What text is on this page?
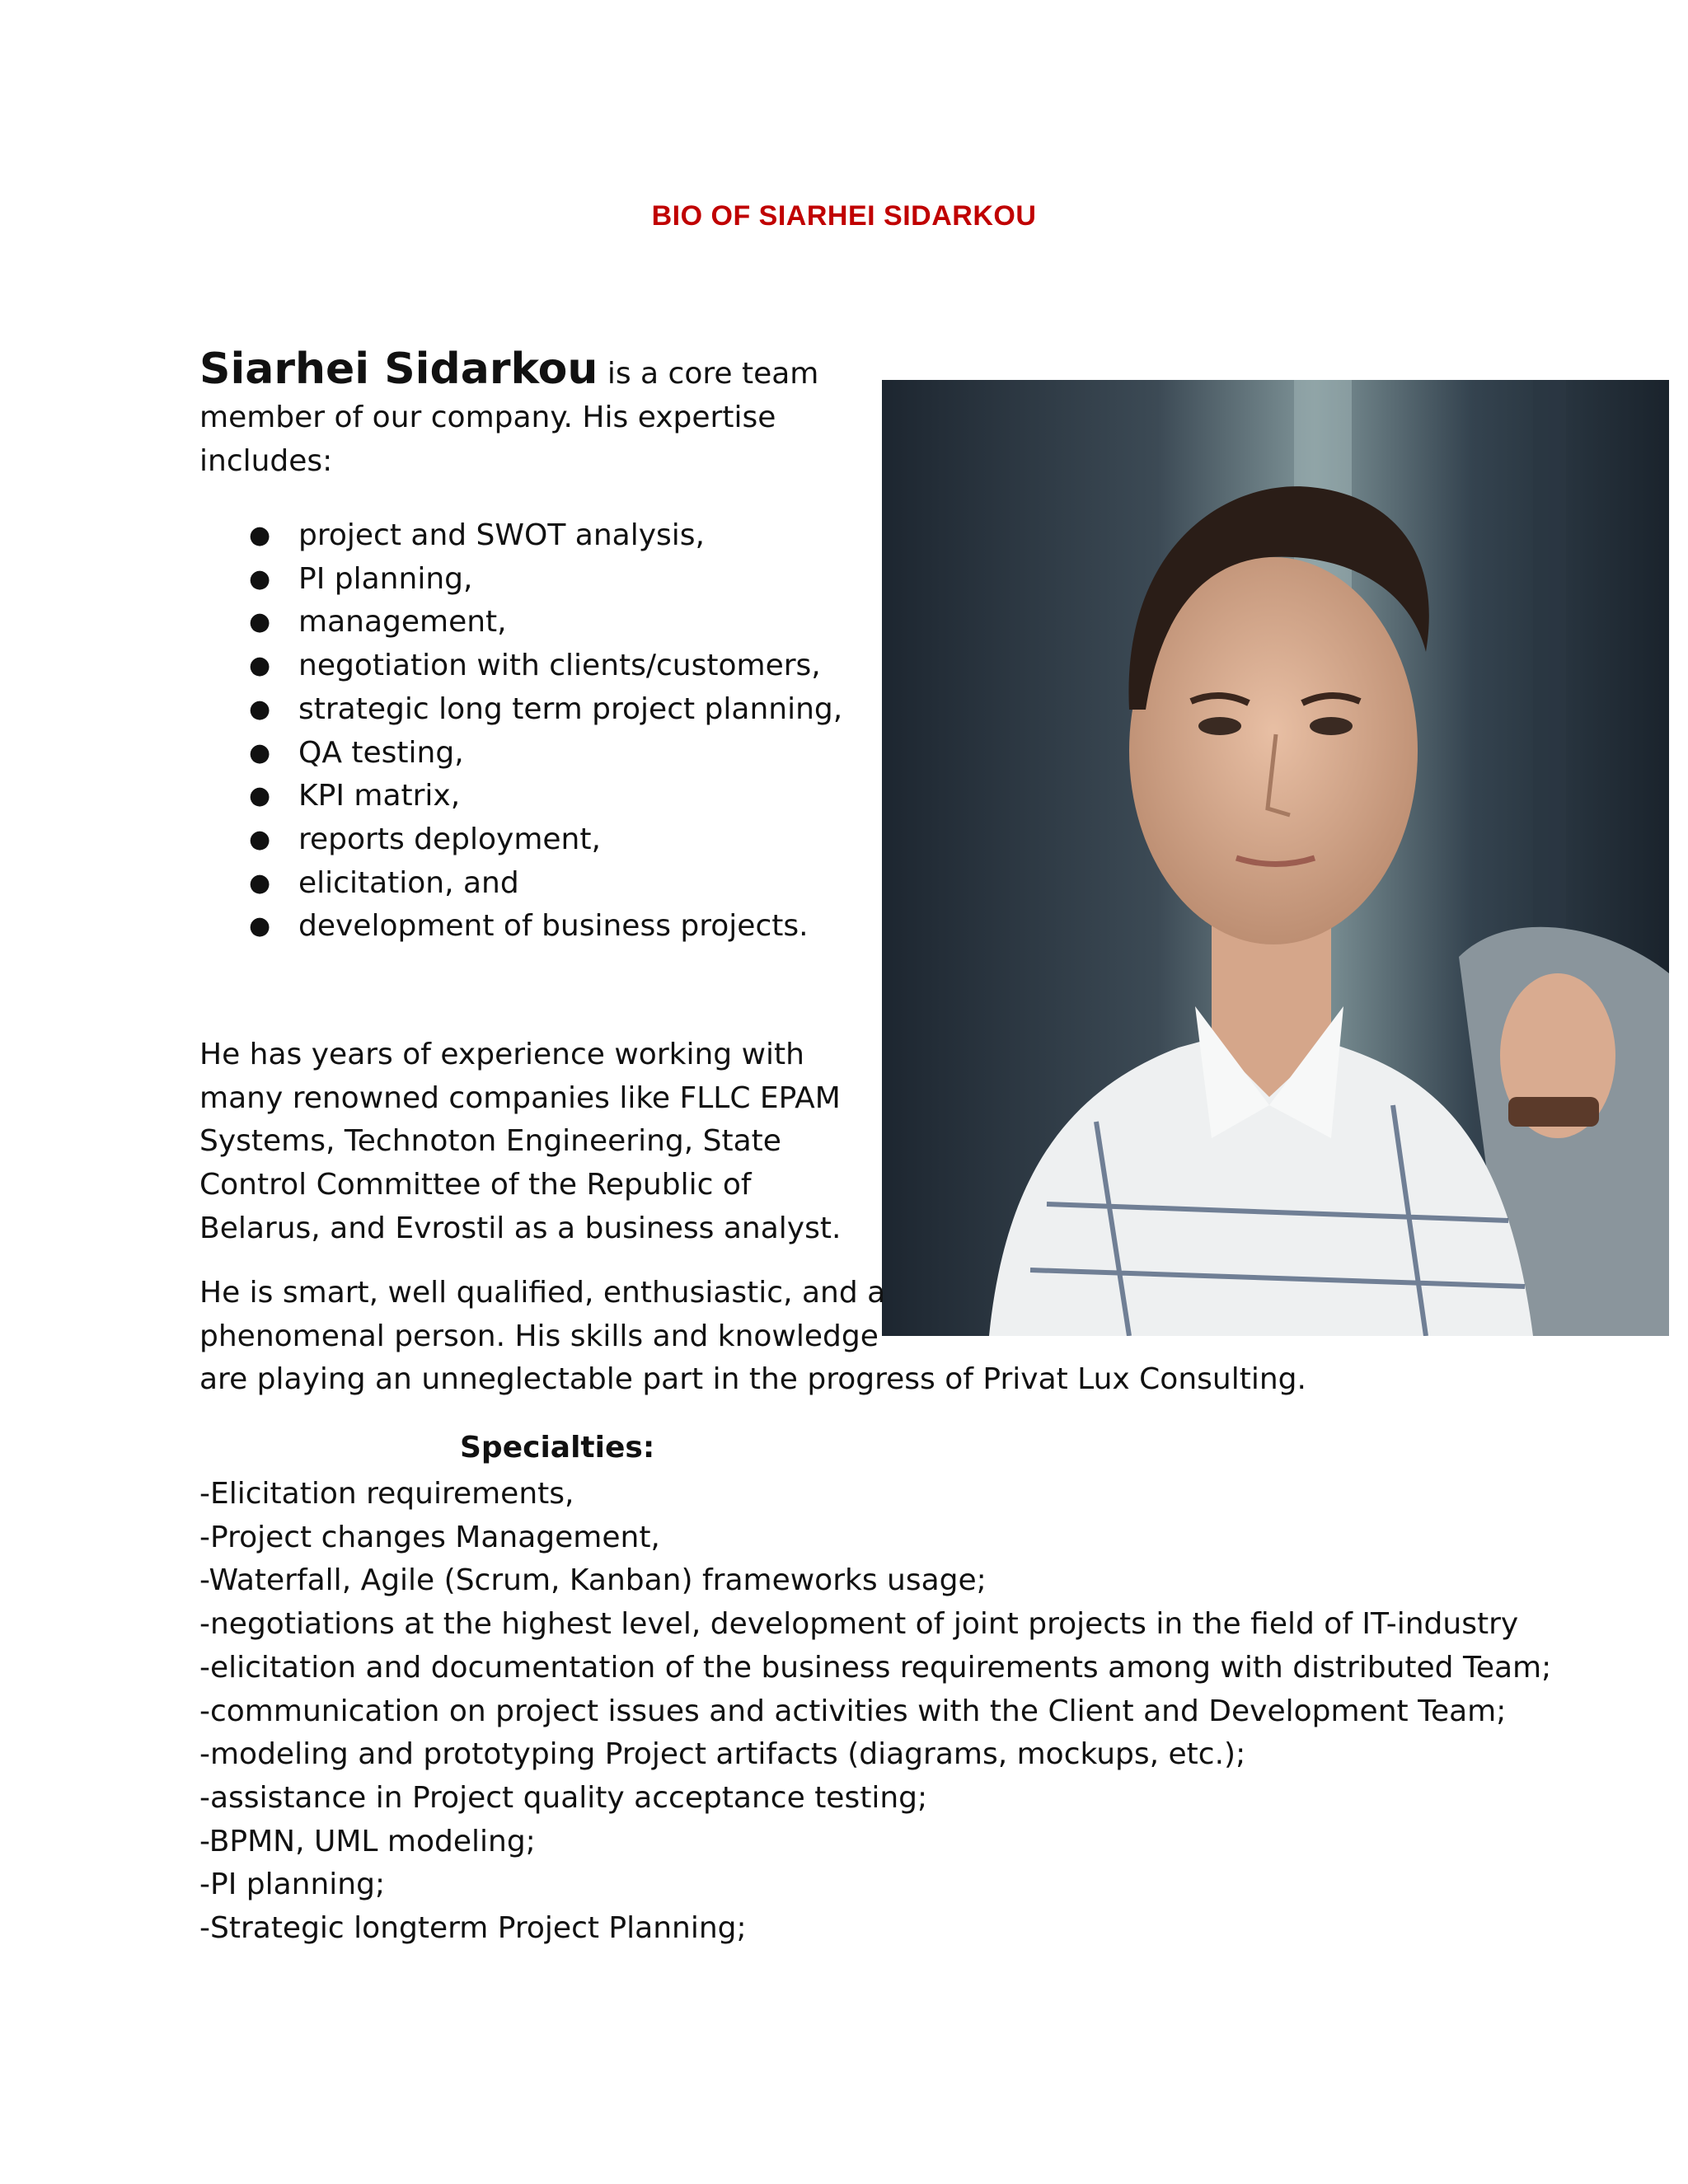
BIO OF SIARHEI SIDARKOU
Siarhei Sidarkou is a core team member of our company. His expertise includes:
● project and SWOT analysis,
● PI planning,
● management,
● negotiation with clients/customers,
● strategic long term project planning,
● QA testing,
● KPI matrix,
● reports deployment,
● elicitation, and
● development of business projects.
He has years of experience working with many renowned companies like FLLC EPAM Systems, Technoton Engineering, State Control Committee of the Republic of Belarus, and Evrostil as a business analyst.
He is smart, well qualified, enthusiastic, and a
phenomenal person. His skills and knowledge
are playing an unneglectable part in the progress of Privat Lux Consulting.
Specialties:
-Elicitation requirements,
-Project changes Management,
-Waterfall, Agile (Scrum, Kanban) frameworks usage;
-negotiations at the highest level, development of joint projects in the field of IT-industry
-elicitation and documentation of the business requirements among with distributed Team;
-communication on project issues and activities with the Client and Development Team;
-modeling and prototyping Project artifacts (diagrams, mockups, etc.);
-assistance in Project quality acceptance testing;
-BPMN, UML modeling;
-PI planning;
-Strategic longterm Project Planning;
